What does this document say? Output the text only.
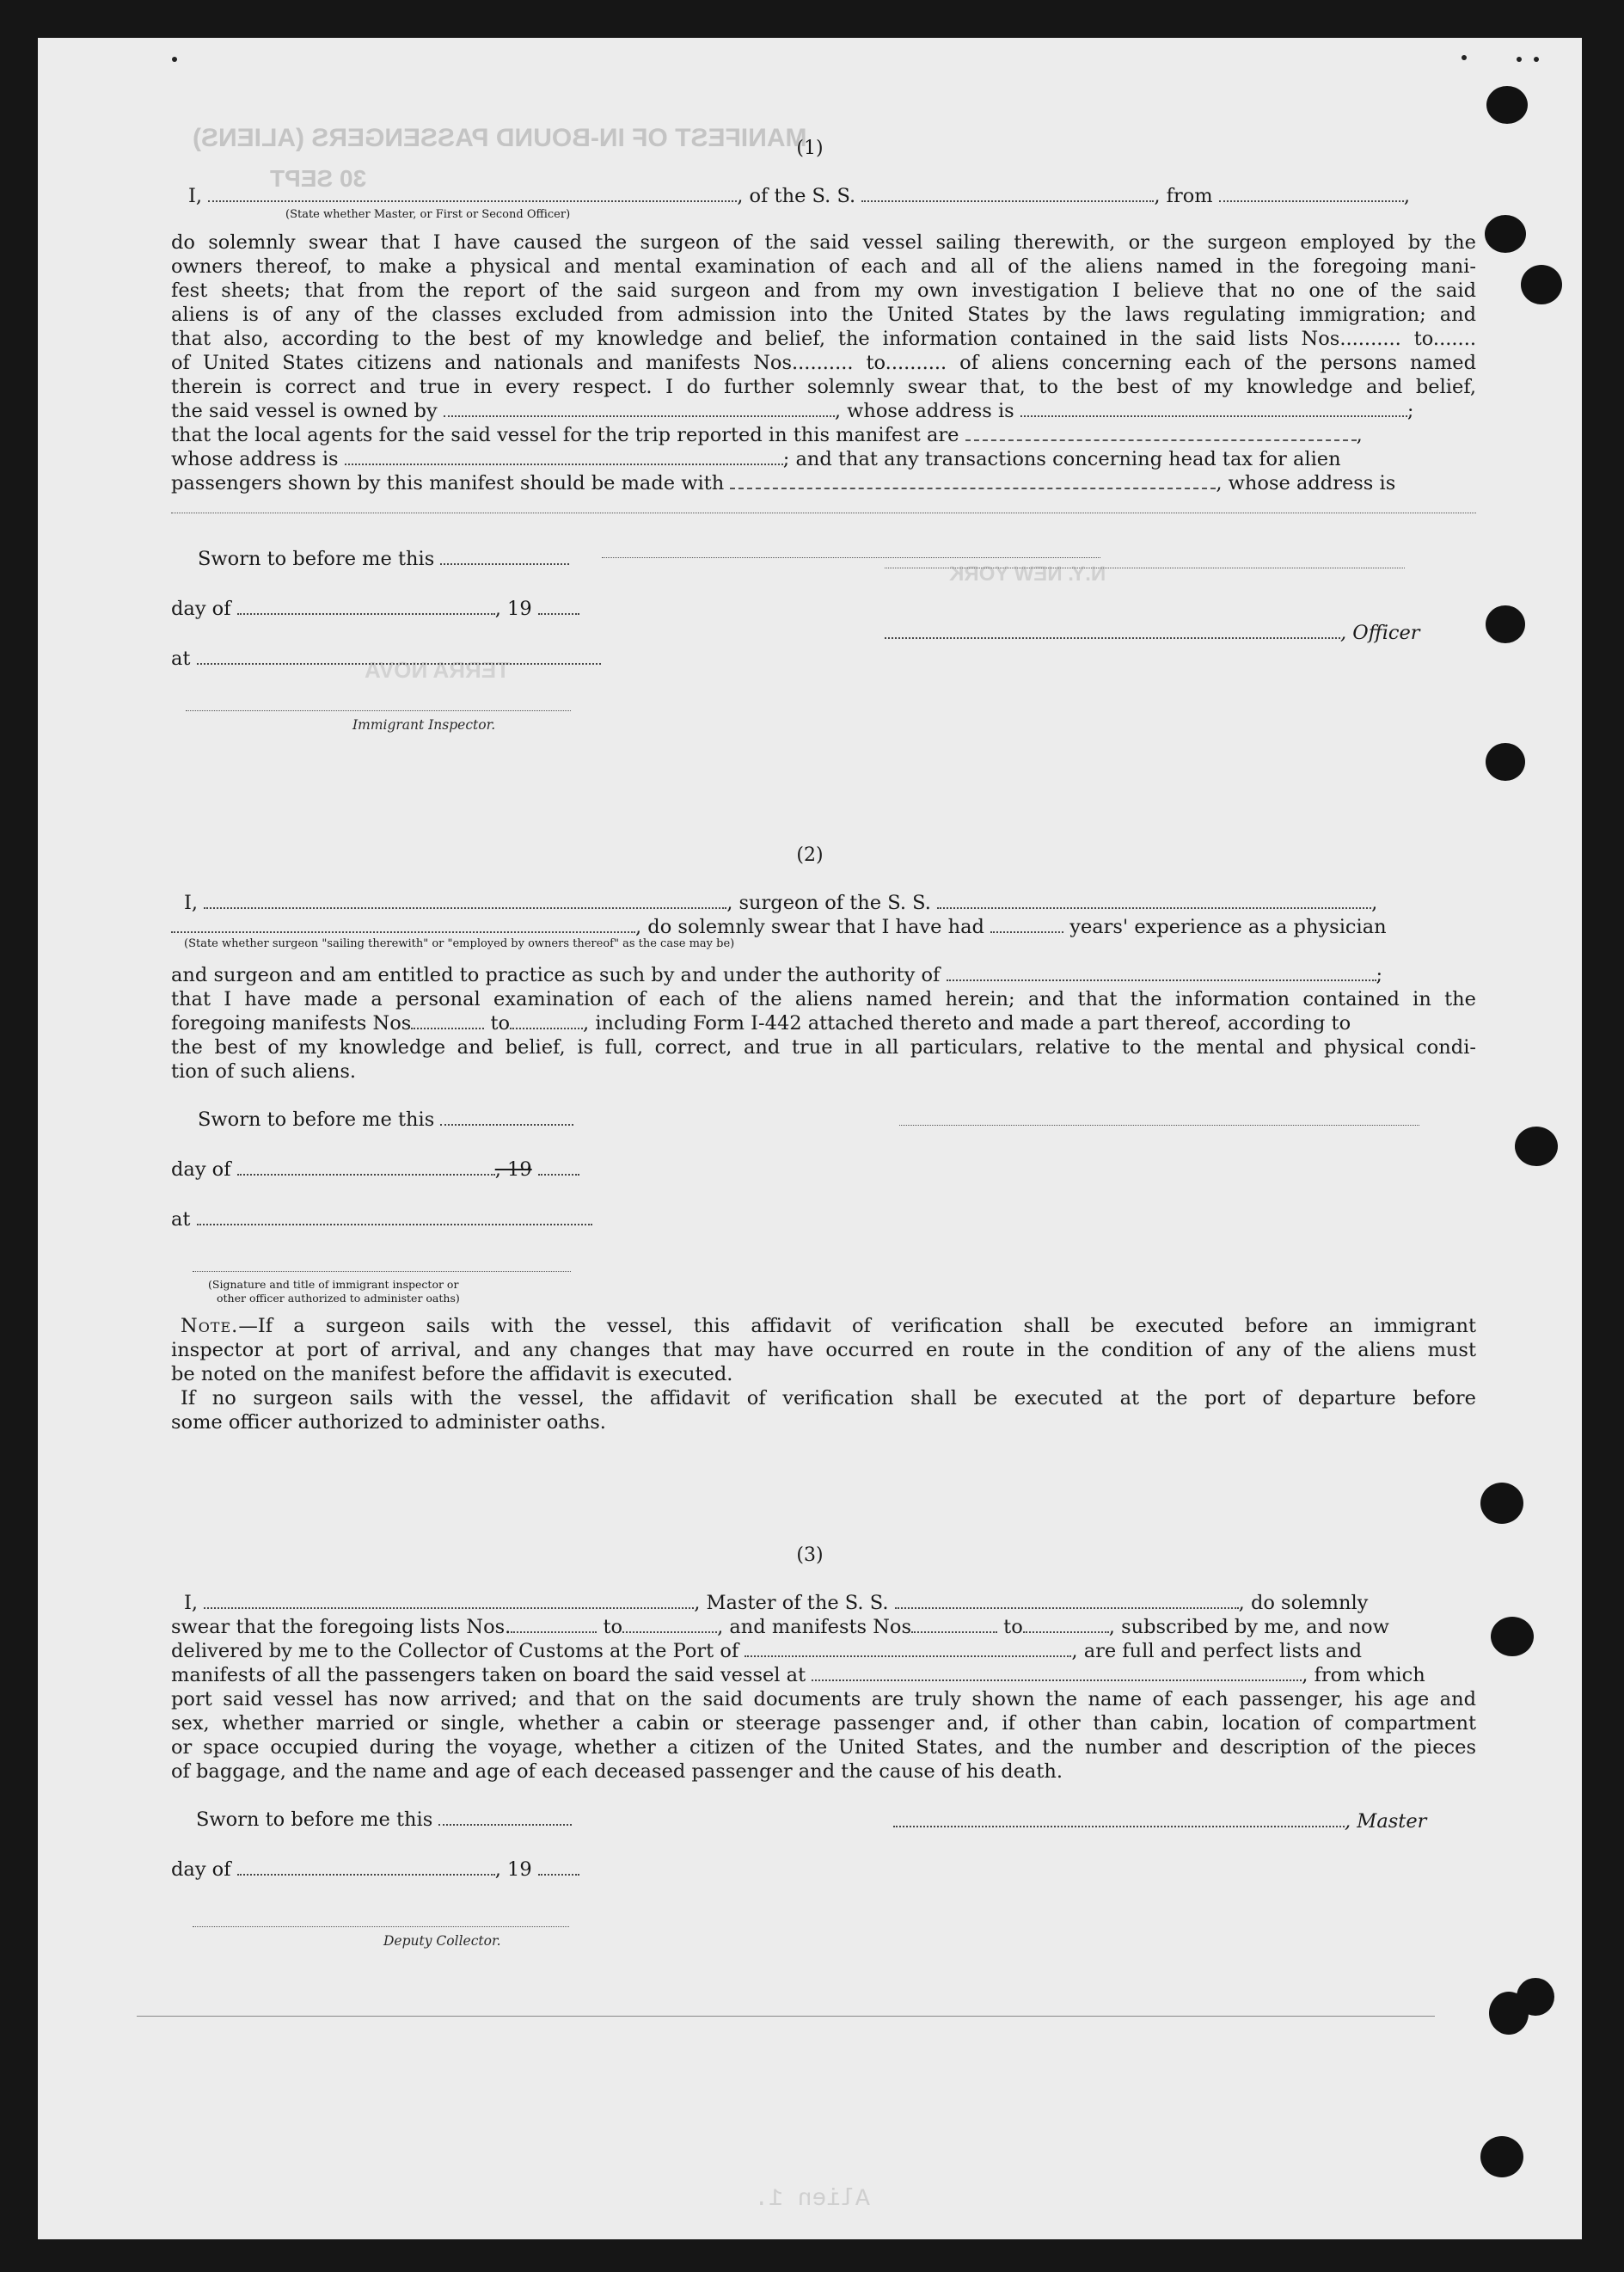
MANIFEST OF IN-BOUND PASSENGERS (ALIENS)
30 SEPT
TERRA NOVA
N.Y. NEW YORK
(1)
I,	, of the S. S.	, from	,
(State whether Master, or First or Second Officer)
do solemnly swear that I have caused the surgeon of the said vessel sailing therewith, or the surgeon employed by the
owners thereof, to make a physical and mental examination of each and all of the aliens named in the foregoing mani-
fest sheets; that from the report of the said surgeon and from my own investigation I believe that no one of the said
aliens is of any of the classes excluded from admission into the United States by the laws regulating immigration; and
that also, according to the best of my knowledge and belief, the information contained in the said lists Nos.......... to.......
of United States citizens and nationals and manifests Nos.......... to.......... of aliens concerning each of the persons named
therein is correct and true in every respect. I do further solemnly swear that, to the best of my knowledge and belief,
the said vessel is owned by	, whose address is	;
that the local agents for the said vessel for the trip reported in this manifest are	,
whose address is	; and that any transactions concerning head tax for alien
passengers shown by this manifest should be made with	, whose address is
Sworn to before me this
day of	, 19
, Officer
at
Immigrant Inspector.
(2)
I,	, surgeon of the S. S.	,
, do solemnly swear that I have had	years' experience as a physician
(State whether surgeon "sailing therewith" or "employed by owners thereof" as the case may be)
and surgeon and am entitled to practice as such by and under the authority of	;
that I have made a personal examination of each of the aliens named herein; and that the information contained in the
foregoing manifests Nos	to	, including Form I-442 attached thereto and made a part thereof, according to
the best of my knowledge and belief, is full, correct, and true in all particulars, relative to the mental and physical condi-
tion of such aliens.
Sworn to before me this
day of	, 19
at
(Signature and title of immigrant inspector or
other officer authorized to administer oaths)
Note.—If a surgeon sails with the vessel, this affidavit of verification shall be executed before an immigrant
inspector at port of arrival, and any changes that may have occurred en route in the condition of any of the aliens must
be noted on the manifest before the affidavit is executed.
If no surgeon sails with the vessel, the affidavit of verification shall be executed at the port of departure before
some officer authorized to administer oaths.
(3)
I,	, Master of the S. S.	, do solemnly
swear that the foregoing lists Nos.	to	, and manifests Nos	to	, subscribed by me, and now
delivered by me to the Collector of Customs at the Port of	, are full and perfect lists and
manifests of all the passengers taken on board the said vessel at	, from which
port said vessel has now arrived; and that on the said documents are truly shown the name of each passenger, his age and
sex, whether married or single, whether a cabin or steerage passenger and, if other than cabin, location of compartment
or space occupied during the voyage, whether a citizen of the United States, and the number and description of the pieces
of baggage, and the name and age of each deceased passenger and the cause of his death.
Sworn to before me this	, Master
day of	, 19
Deputy Collector.
Alien 1.
